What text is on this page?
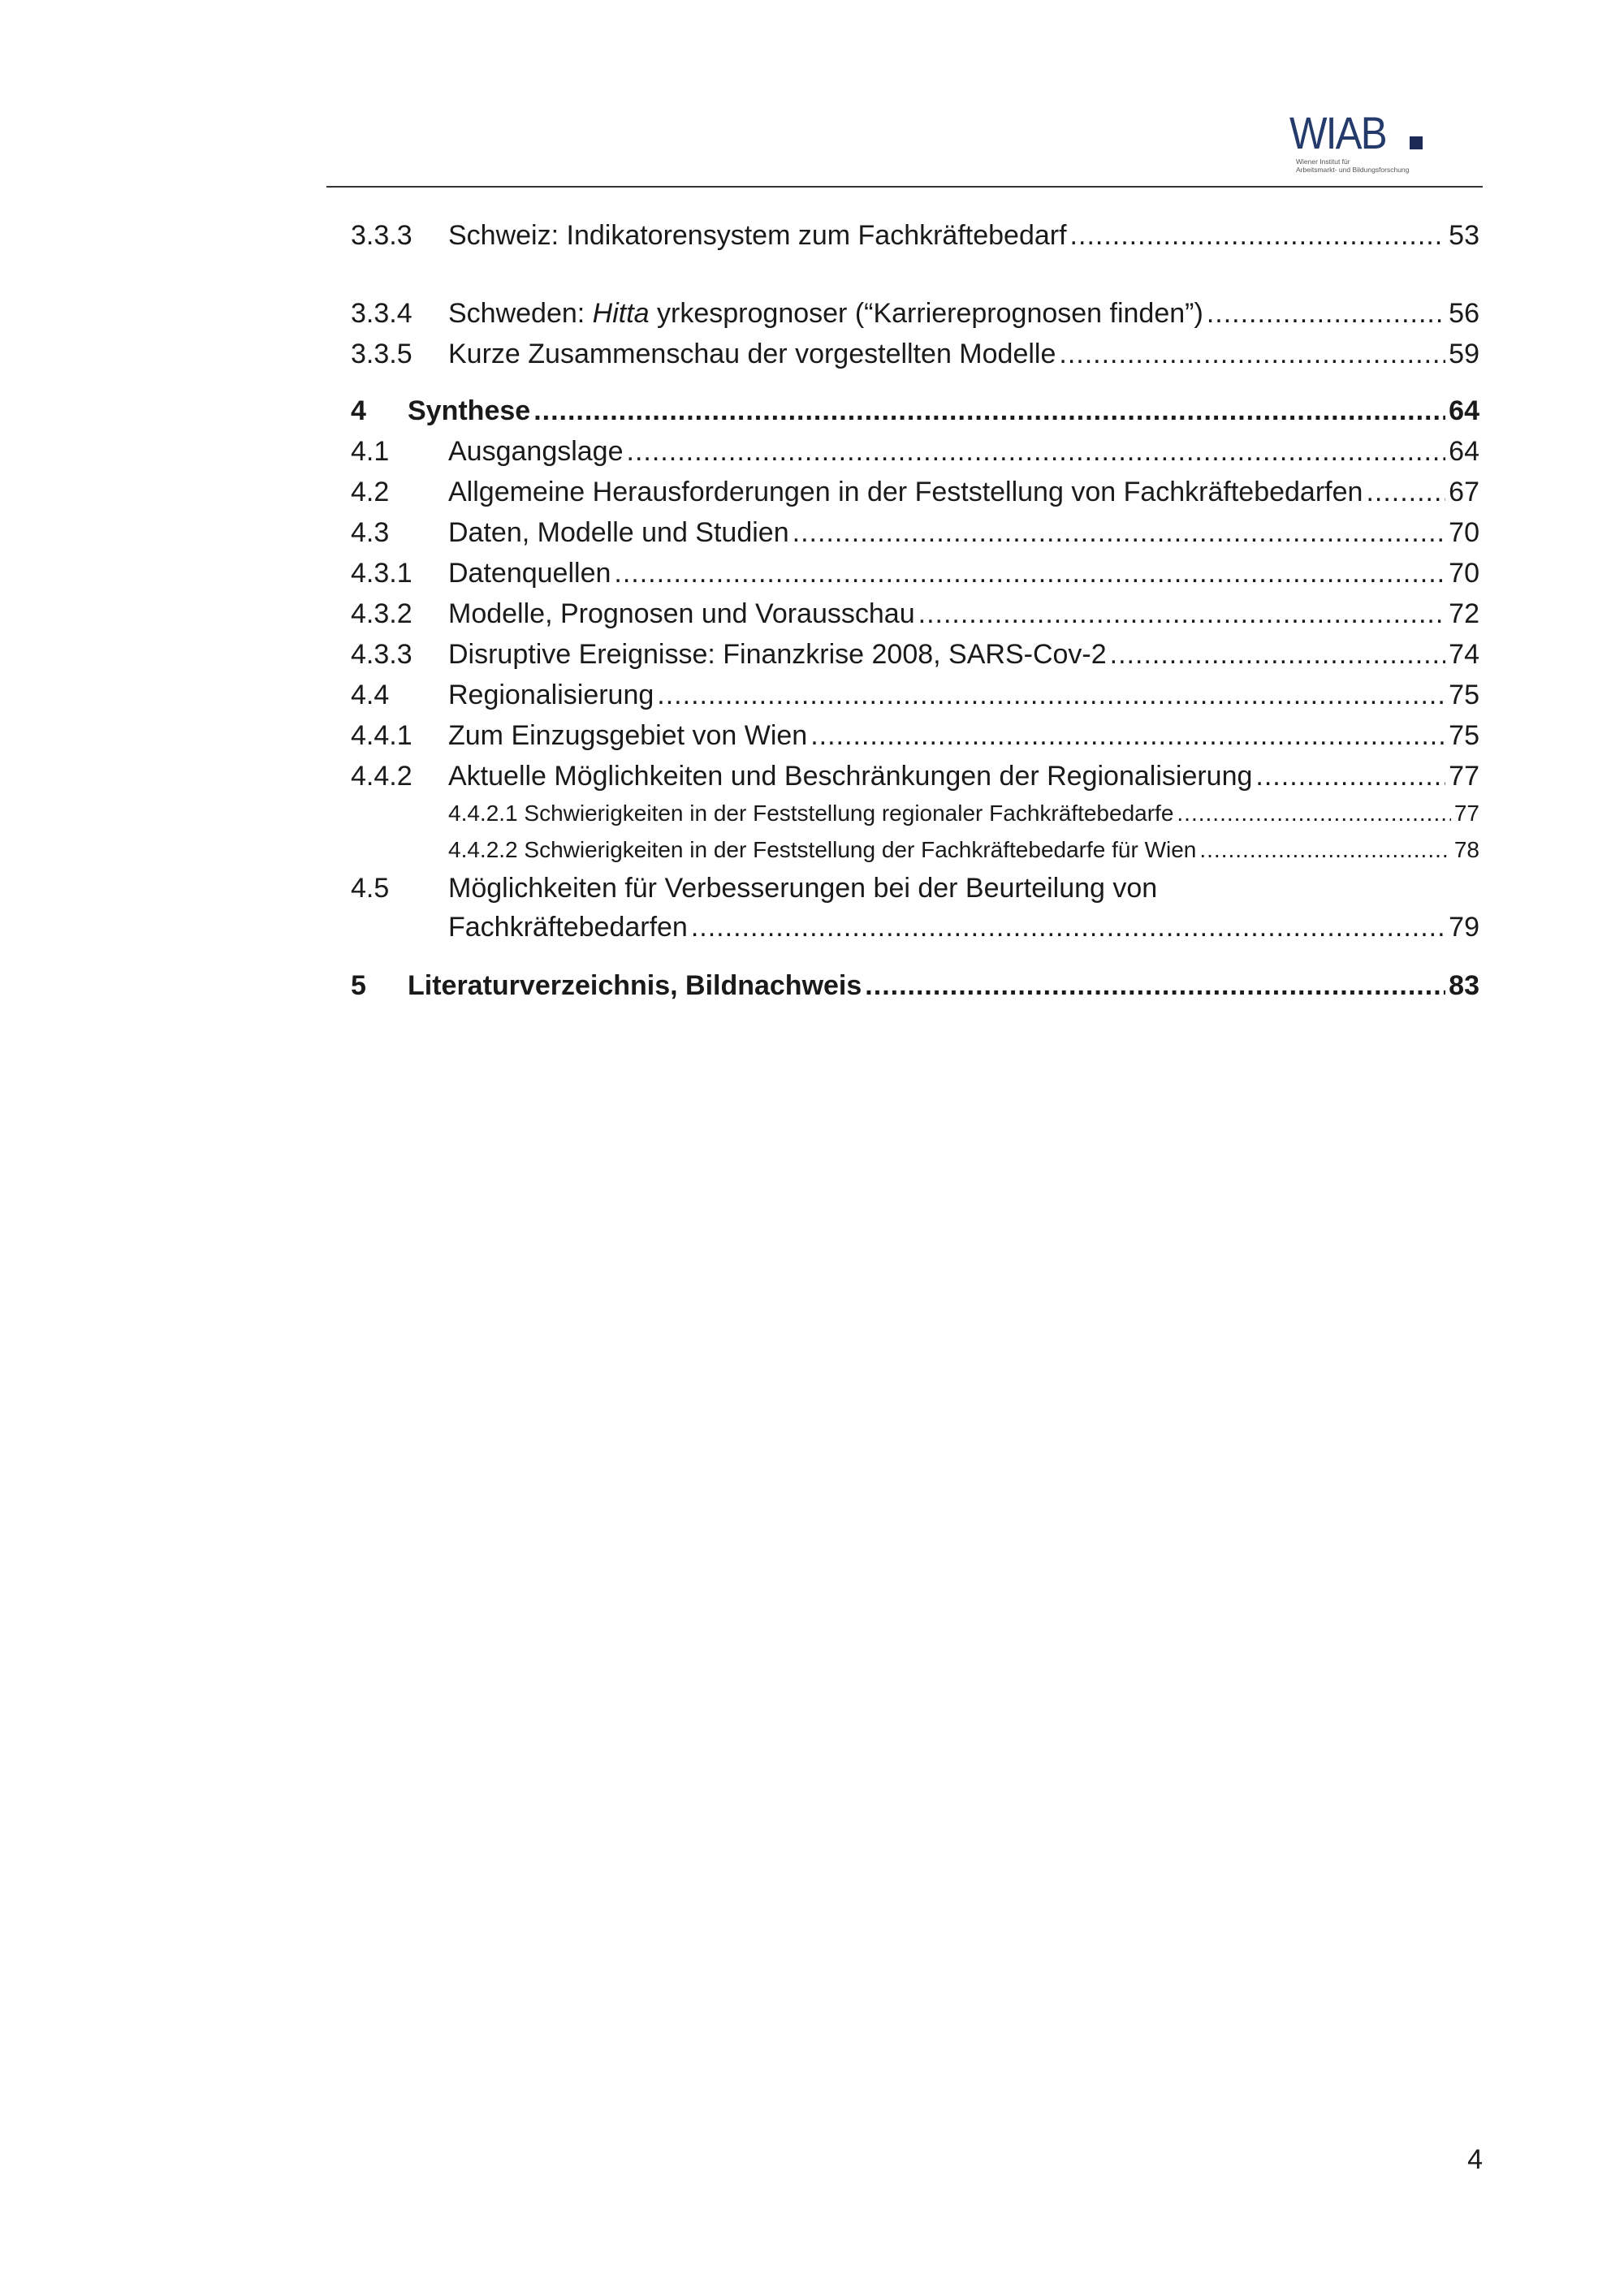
WIAB
Wiener Institut für
Arbeitsmarkt- und Bildungsforschung
3.3.3 Schweiz: Indikatorensystem zum Fachkräftebedarf .....	53
3.3.4 Schweden: Hitta yrkesprognoser (“Karriereprognosen finden”) .....	56
3.3.5 Kurze Zusammenschau der vorgestellten Modelle .....	59
4 Synthese .....	64
4.1 Ausgangslage .....	64
4.2 Allgemeine Herausforderungen in der Feststellung von Fachkräftebedarfen .....	67
4.3 Daten, Modelle und Studien .....	70
4.3.1 Datenquellen .....	70
4.3.2 Modelle, Prognosen und Vorausschau .....	72
4.3.3 Disruptive Ereignisse: Finanzkrise 2008, SARS-Cov-2 .....	74
4.4 Regionalisierung .....	75
4.4.1 Zum Einzugsgebiet von Wien .....	75
4.4.2 Aktuelle Möglichkeiten und Beschränkungen der Regionalisierung .....	77
4.4.2.1 Schwierigkeiten in der Feststellung regionaler Fachkräftebedarfe .....	77
4.4.2.2 Schwierigkeiten in der Feststellung der Fachkräftebedarfe für Wien .....	78
4.5 Möglichkeiten für Verbesserungen bei der Beurteilung von
Fachkräftebedarfen .....	79
5 Literaturverzeichnis, Bildnachweis .....	83
4
